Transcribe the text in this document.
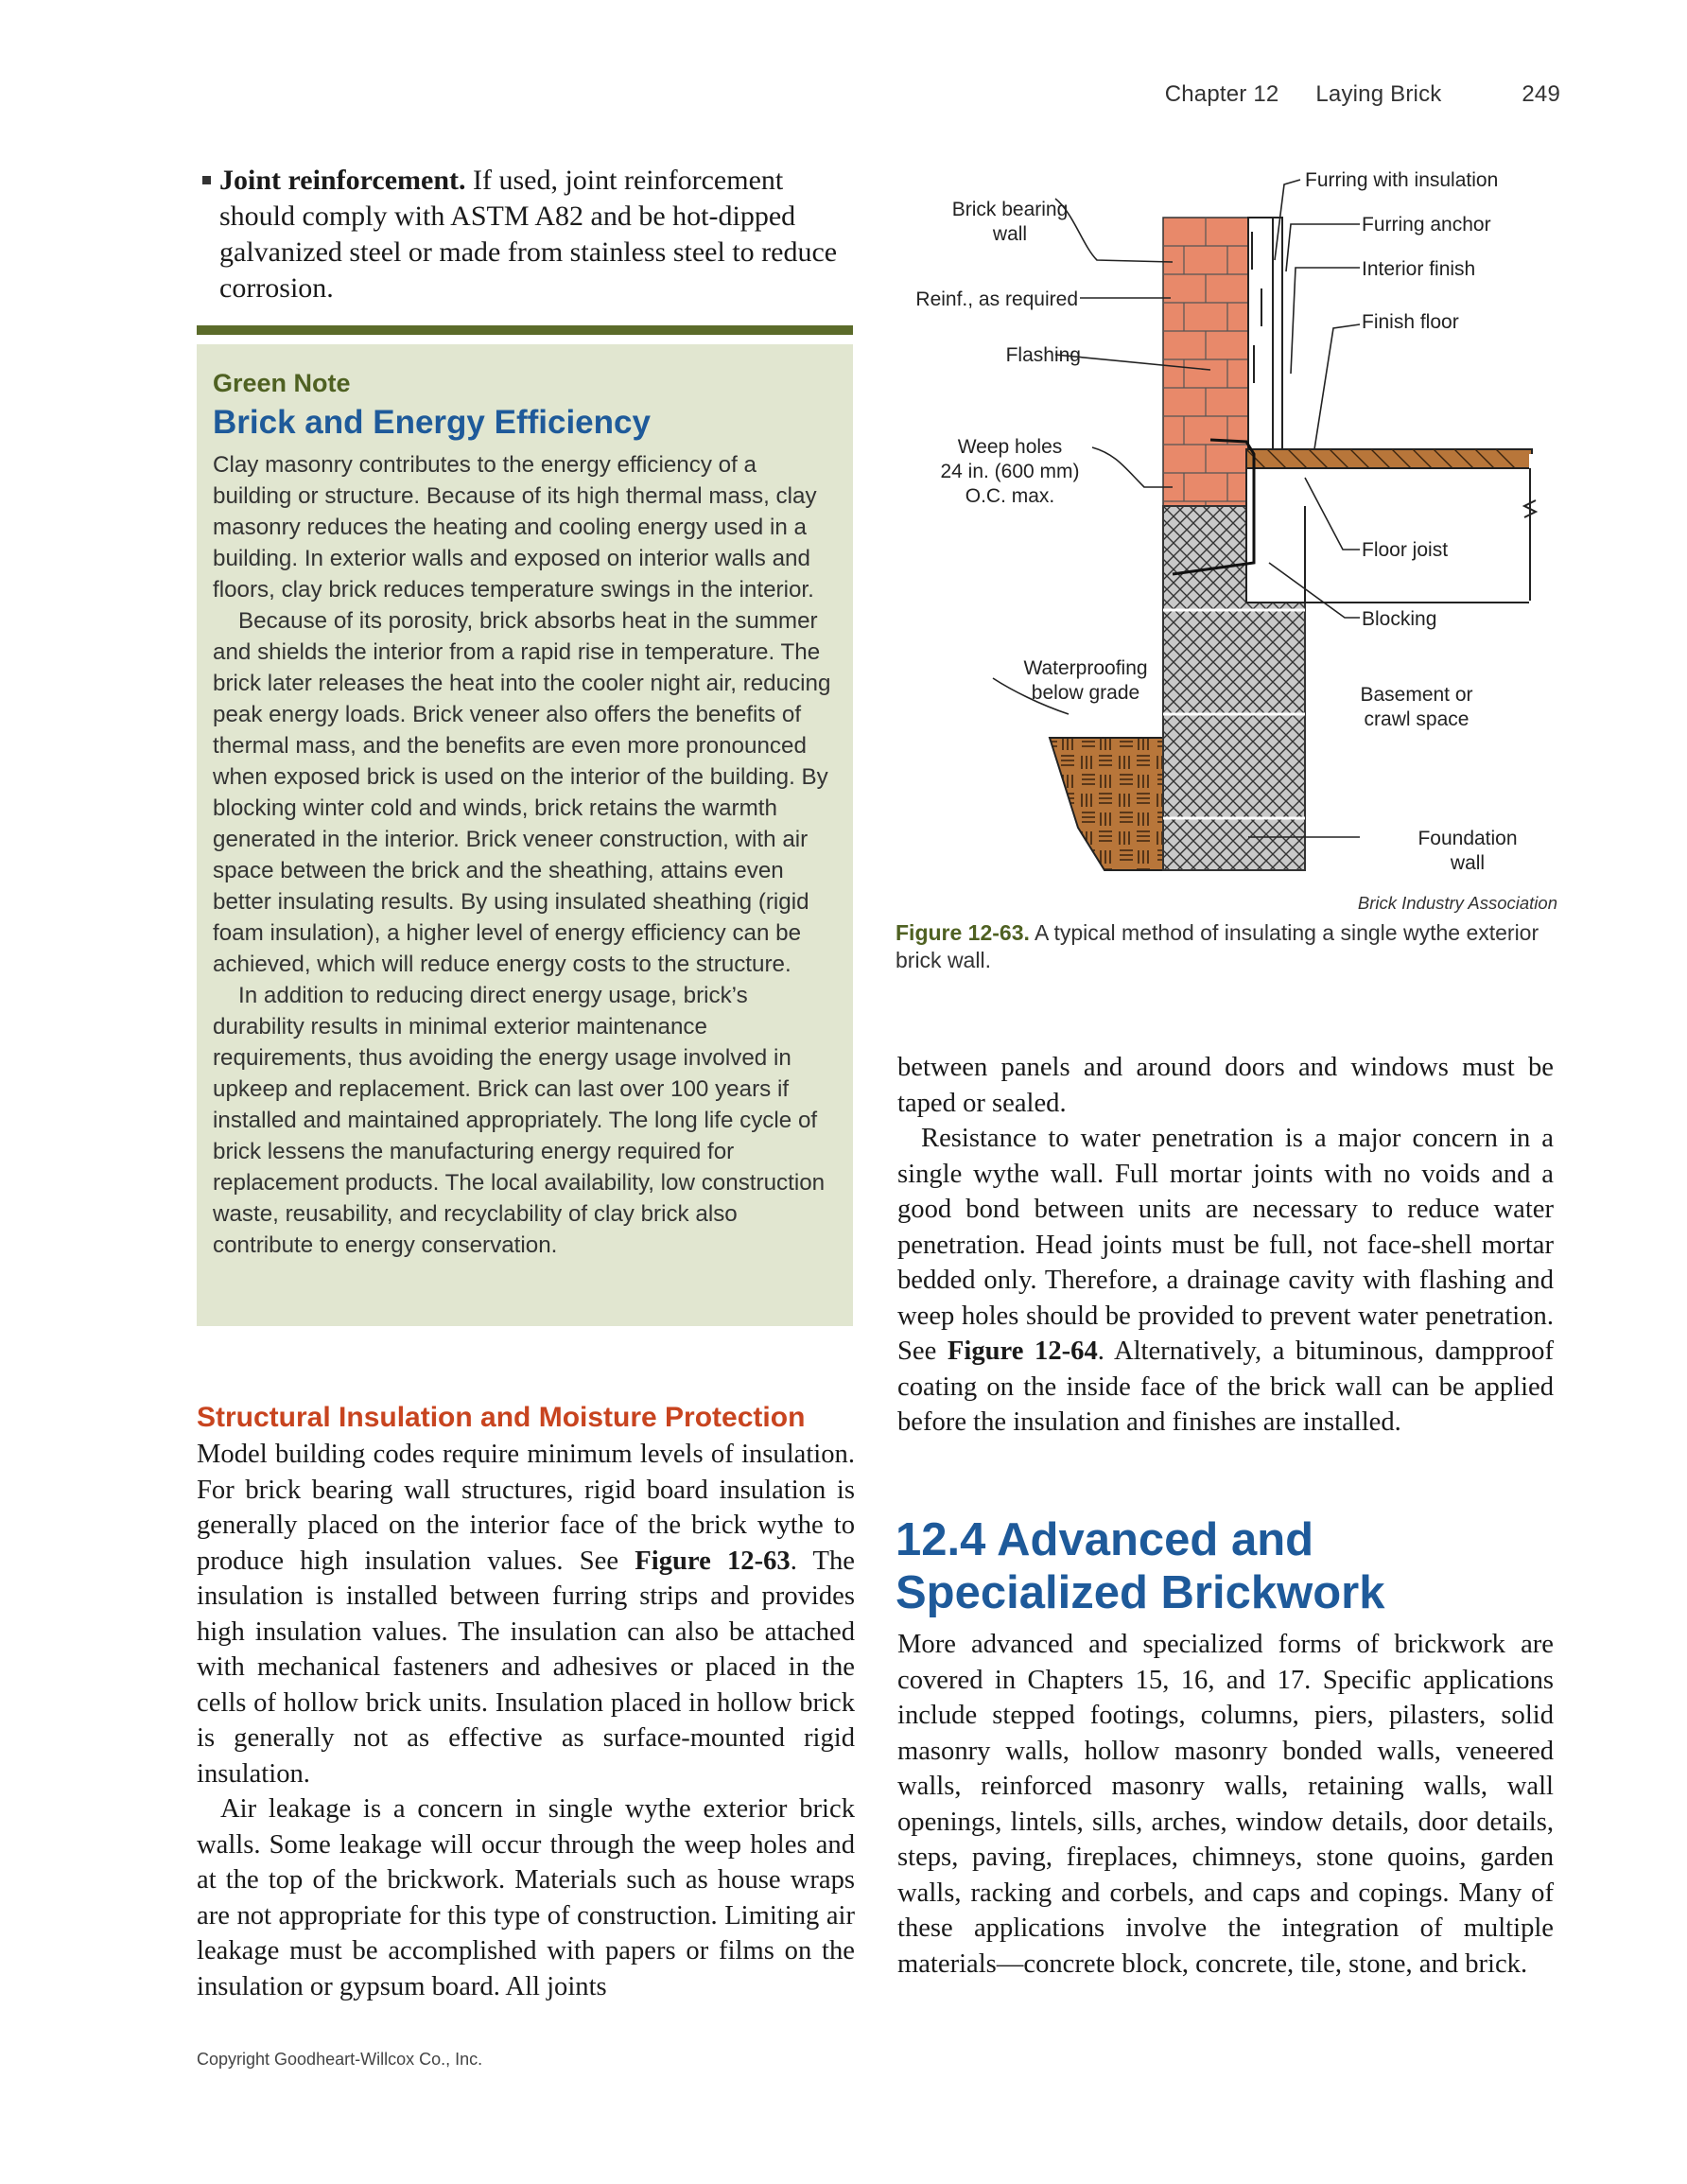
Chapter 12 Laying Brick	249
Joint reinforcement. If used, joint reinforcement should comply with ASTM A82 and be hot-dipped galvanized steel or made from stainless steel to reduce corrosion.
Green Note
Brick and Energy Efficiency

Clay masonry contributes to the energy efficiency of a building or structure. Because of its high thermal mass, clay masonry reduces the heating and cooling energy used in a building. In exterior walls and exposed on interior walls and floors, clay brick reduces temperature swings in the interior.

Because of its porosity, brick absorbs heat in the summer and shields the interior from a rapid rise in temperature. The brick later releases the heat into the cooler night air, reducing peak energy loads. Brick veneer also offers the benefits of thermal mass, and the benefits are even more pronounced when exposed brick is used on the interior of the building. By blocking winter cold and winds, brick retains the warmth generated in the interior. Brick veneer construction, with air space between the brick and the sheathing, attains even better insulating results. By using insulated sheathing (rigid foam insulation), a higher level of energy efficiency can be achieved, which will reduce energy costs to the structure.

In addition to reducing direct energy usage, brick’s durability results in minimal exterior maintenance requirements, thus avoiding the energy usage involved in upkeep and replacement. Brick can last over 100 years if installed and maintained appropriately. The long life cycle of brick lessens the manufacturing energy required for replacement products. The local availability, low construction waste, reusability, and recyclability of clay brick also contribute to energy conservation.

Structural Insulation and Moisture Protection

Model building codes require minimum levels of insulation. For brick bearing wall structures, rigid board insulation is generally placed on the interior face of the brick wythe to produce high insulation values. See Figure 12-63. The insulation is installed between furring strips and provides high insulation values. The insulation can also be attached with mechanical fasteners and adhesives or placed in the cells of hollow brick units. Insulation placed in hollow brick is generally not as effective as surface-mounted rigid insulation.

Air leakage is a concern in single wythe exterior brick walls. Some leakage will occur through the weep holes and at the top of the brickwork. Materials such as house wraps are not appropriate for this type of construction. Limiting air leakage must be accomplished with papers or films on the insulation or gypsum board. All joints

Brick bearing
wall
Reinf., as required
Flashing
Weep holes
24 in. (600 mm)
O.C. max.
Waterproofing
below grade
Furring with insulation
Furring anchor
Interior finish
Finish floor
Floor joist
Blocking
Basement or
crawl space
Foundation
wall
Brick Industry Association
Figure 12-63. A typical method of insulating a single wythe exterior brick wall.

between panels and around doors and windows must be taped or sealed.

Resistance to water penetration is a major concern in a single wythe wall. Full mortar joints with no voids and a good bond between units are necessary to reduce water penetration. Head joints must be full, not face-shell mortar bedded only. Therefore, a drainage cavity with flashing and weep holes should be provided to prevent water penetration. See Figure 12-64. Alternatively, a bituminous, dampproof coating on the inside face of the brick wall can be applied before the insulation and finishes are installed.

12.4 Advanced and Specialized Brickwork

More advanced and specialized forms of brickwork are covered in Chapters 15, 16, and 17. Specific applications include stepped footings, columns, piers, pilasters, solid masonry walls, hollow masonry bonded walls, veneered walls, reinforced masonry walls, retaining walls, wall openings, lintels, sills, arches, window details, door details, steps, paving, fireplaces, chimneys, stone quoins, garden walls, racking and corbels, and caps and copings. Many of these applications involve the integration of multiple materials—concrete block, concrete, tile, stone, and brick.

Copyright Goodheart-Willcox Co., Inc.
